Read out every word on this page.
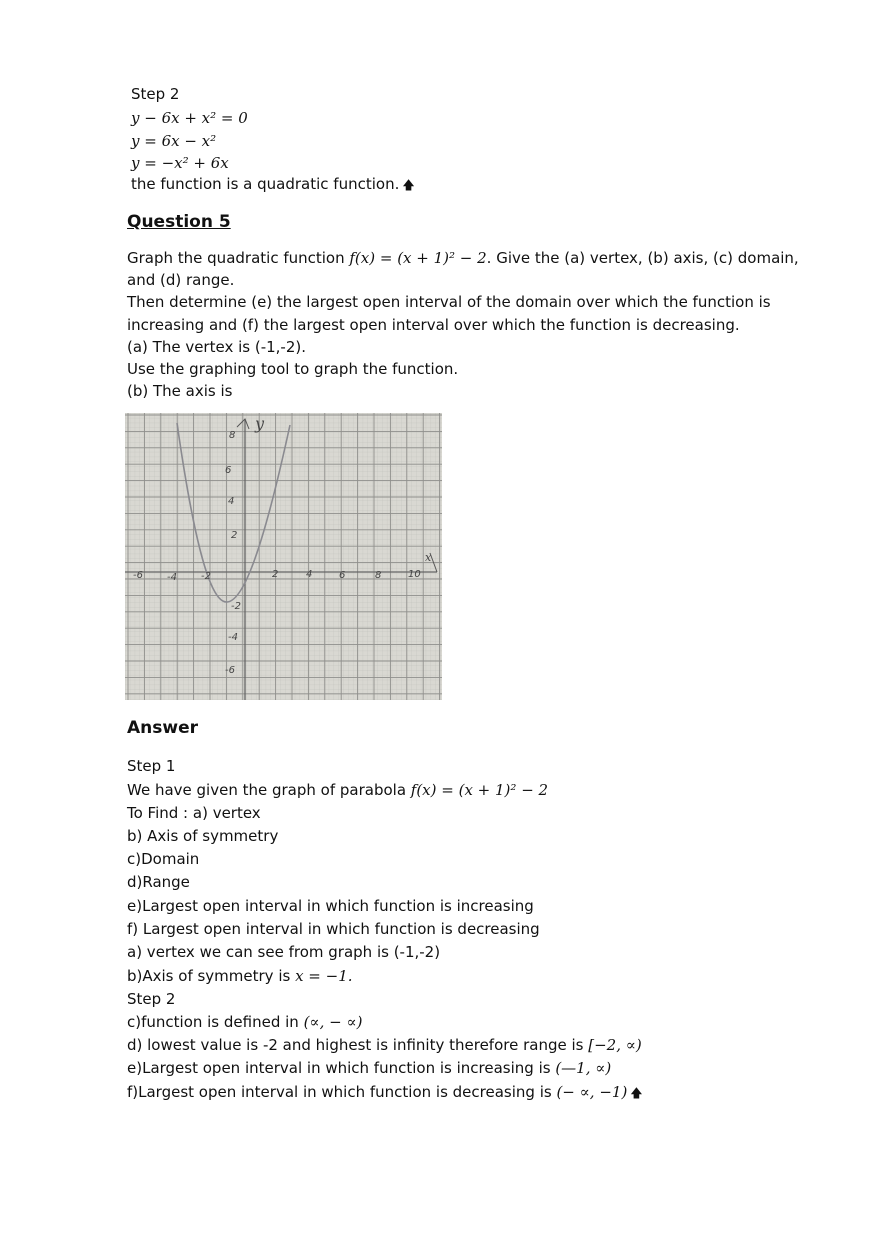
Step 2
y − 6x + x² = 0
y = 6x − x²
y = −x² + 6x
the function is a quadratic function. 🡅
Question 5
Graph the quadratic function f(x) = (x + 1)² − 2. Give the (a) vertex, (b) axis, (c) domain,
and (d) range.
Then determine (e) the largest open interval of the domain over which the function is
increasing and (f) the largest open interval over which the function is decreasing.
(a) The vertex is (-1,-2).
Use the graphing tool to graph the function.
(b) The axis is
y
x
-6 -4 -2	2	4	6	8	10
8
6
4
2
-2
-4
-6
Answer
Step 1
We have given the graph of parabola f(x) = (x + 1)² − 2
To Find : a) vertex
b) Axis of symmetry
c)Domain
d)Range
e)Largest open interval in which function is increasing
f) Largest open interval in which function is decreasing
a) vertex we can see from graph is (-1,-2)
b)Axis of symmetry is x = −1.
Step 2
c)function is defined in (∝, − ∝)
d) lowest value is -2 and highest is infinity therefore range is [−2, ∝)
e)Largest open interval in which function is increasing is (—1, ∝)
f)Largest open interval in which function is decreasing is (− ∝, −1) 🡅
